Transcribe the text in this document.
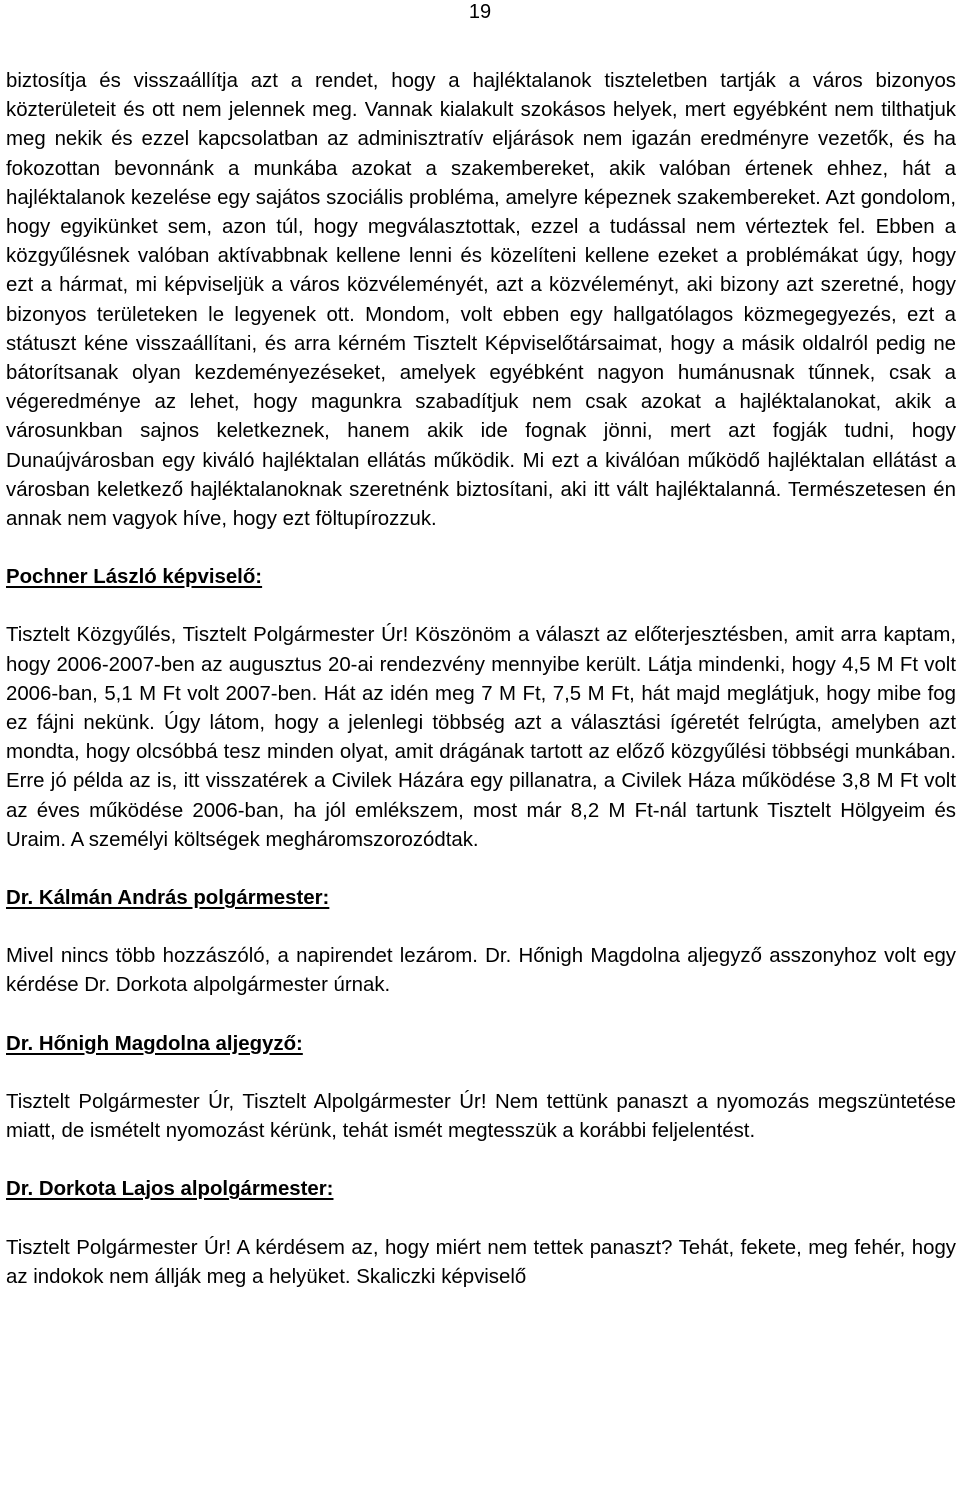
19

biztosítja és visszaállítja azt a rendet, hogy a hajléktalanok tiszteletben tartják a város bizonyos közterületeit és ott nem jelennek meg. Vannak kialakult szokásos helyek, mert egyébként nem tilthatjuk meg nekik és ezzel kapcsolatban az adminisztratív eljárások nem igazán eredményre vezetők, és ha fokozottan bevonnánk a munkába azokat a szakembereket, akik valóban értenek ehhez, hát a hajléktalanok kezelése egy sajátos szociális probléma, amelyre képeznek szakembereket. Azt gondolom, hogy egyikünket sem, azon túl, hogy megválasztottak, ezzel a tudással nem vérteztek fel. Ebben a közgyűlésnek valóban aktívabbnak kellene lenni és közelíteni kellene ezeket a problémákat úgy, hogy ezt a hármat, mi képviseljük a város közvéleményét, azt a közvéleményt, aki bizony azt szeretné, hogy bizonyos területeken le legyenek ott. Mondom, volt ebben egy hallgatólagos közmegegyezés, ezt a státuszt kéne visszaállítani, és arra kérném Tisztelt Képviselőtársaimat, hogy a másik oldalról pedig ne bátorítsanak olyan kezdeményezéseket, amelyek egyébként nagyon humánusnak tűnnek, csak a végeredménye az lehet, hogy magunkra szabadítjuk nem csak azokat a hajléktalanokat, akik a városunkban sajnos keletkeznek, hanem akik ide fognak jönni, mert azt fogják tudni, hogy Dunaújvárosban egy kiváló hajléktalan ellátás működik. Mi ezt a kiválóan működő hajléktalan ellátást a városban keletkező hajléktalanoknak szeretnénk biztosítani, aki itt vált hajléktalanná. Természetesen én annak nem vagyok híve, hogy ezt föltupírozzuk.

Pochner László képviselő:

Tisztelt Közgyűlés, Tisztelt Polgármester Úr! Köszönöm a választ az előterjesztésben, amit arra kaptam, hogy 2006-2007-ben az augusztus 20-ai rendezvény mennyibe került. Látja mindenki, hogy 4,5 M Ft volt 2006-ban, 5,1 M Ft volt 2007-ben. Hát az idén meg 7 M Ft, 7,5 M Ft, hát majd meglátjuk, hogy mibe fog ez fájni nekünk. Úgy látom, hogy a jelenlegi többség azt a választási ígéretét felrúgta, amelyben azt mondta, hogy olcsóbbá tesz minden olyat, amit drágának tartott az előző közgyűlési többségi munkában. Erre jó példa az is, itt visszatérek a Civilek Házára egy pillanatra, a Civilek Háza működése 3,8 M Ft volt az éves működése 2006-ban, ha jól emlékszem, most már 8,2 M Ft-nál tartunk Tisztelt Hölgyeim és Uraim. A személyi költségek megháromszorozódtak.

Dr. Kálmán András polgármester:

Mivel nincs több hozzászóló, a napirendet lezárom. Dr. Hőnigh Magdolna aljegyző asszonyhoz volt egy kérdése Dr. Dorkota alpolgármester úrnak.

Dr. Hőnigh Magdolna aljegyző:

Tisztelt Polgármester Úr, Tisztelt Alpolgármester Úr! Nem tettünk panaszt a nyomozás megszüntetése miatt, de ismételt nyomozást kérünk, tehát ismét megtesszük a korábbi feljelentést.

Dr. Dorkota Lajos alpolgármester:

Tisztelt Polgármester Úr! A kérdésem az, hogy miért nem tettek panaszt? Tehát, fekete, meg fehér, hogy az indokok nem állják meg a helyüket. Skaliczki képviselő
